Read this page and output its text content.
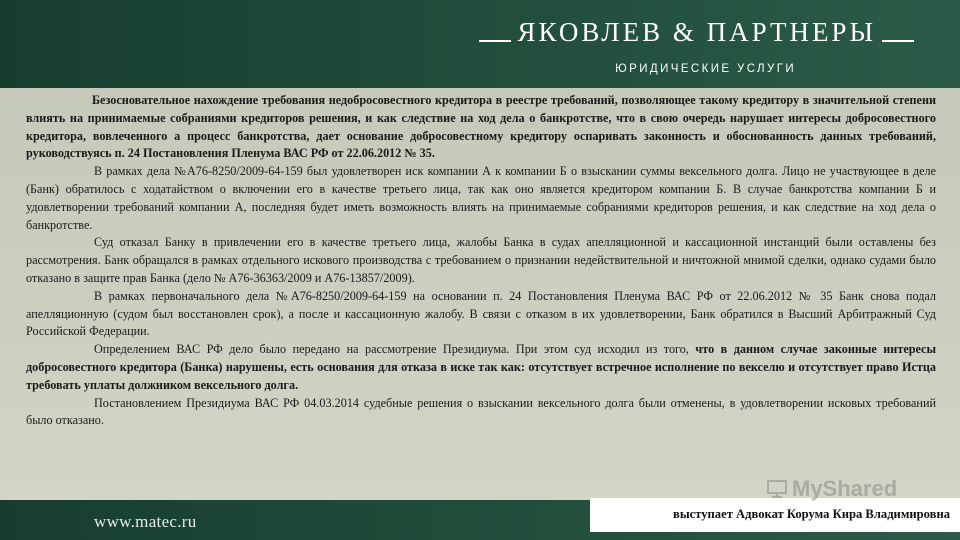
ЯКОВЛЕВ & ПАРТНЕРЫ
ЮРИДИЧЕСКИЕ УСЛУГИ

Безосновательное нахождение требования недобросовестного кредитора в реестре требований, позволяющее такому кредитору в значительной степени влиять на принимаемые собраниями кредиторов решения, и как следствие на ход дела о банкротстве, что в свою очередь нарушает интересы добросовестного кредитора, вовлеченного а процесс банкротства, дает основание добросовестному кредитору оспаривать законность и обоснованность данных требований, руководствуясь п. 24 Постановления Пленума ВАС РФ от 22.06.2012 № 35.

В рамках дела №А76-8250/2009-64-159 был удовлетворен иск компании А к компании Б о взыскании суммы вексельного долга. Лицо не участвующее в деле (Банк) обратилось с ходатайством о включении его в качестве третьего лица, так как оно является кредитором компании Б. В случае банкротства компании Б и удовлетворении требований компании А, последняя будет иметь возможность влиять на принимаемые собраниями кредиторов решения, и как следствие на ход дела о банкротстве.

Суд отказал Банку в привлечении его в качестве третьего лица, жалобы Банка в судах апелляционной и кассационной инстанций были оставлены без рассмотрения. Банк обращался в рамках отдельного искового производства с требованием о признании недействительной и ничтожной мнимой сделки, однако судами было отказано в защите прав Банка (дело № А76-36363/2009 и А76-13857/2009).

В рамках первоначального дела №А76-8250/2009-64-159 на основании п. 24 Постановления Пленума ВАС РФ от 22.06.2012 № 35 Банк снова подал апелляционную (судом был восстановлен срок), а после и кассационную жалобу. В связи с отказом в их удовлетворении, Банк обратился в Высший Арбитражный Суд Российской Федерации.

Определением ВАС РФ дело было передано на рассмотрение Президиума. При этом суд исходил из того, что в данном случае законные интересы добросовестного кредитора (Банка) нарушены, есть основания для отказа в иске так как: отсутствует встречное исполнение по векселю и отсутствует право Истца требовать уплаты должником вексельного долга.

Постановлением Президиума ВАС РФ 04.03.2014 судебные решения о взыскании вексельного долга были отменены, в удовлетворении исковых требований было отказано.

www.matec.ru	выступает Адвокат Корума Кира Владимировна
MyShared
